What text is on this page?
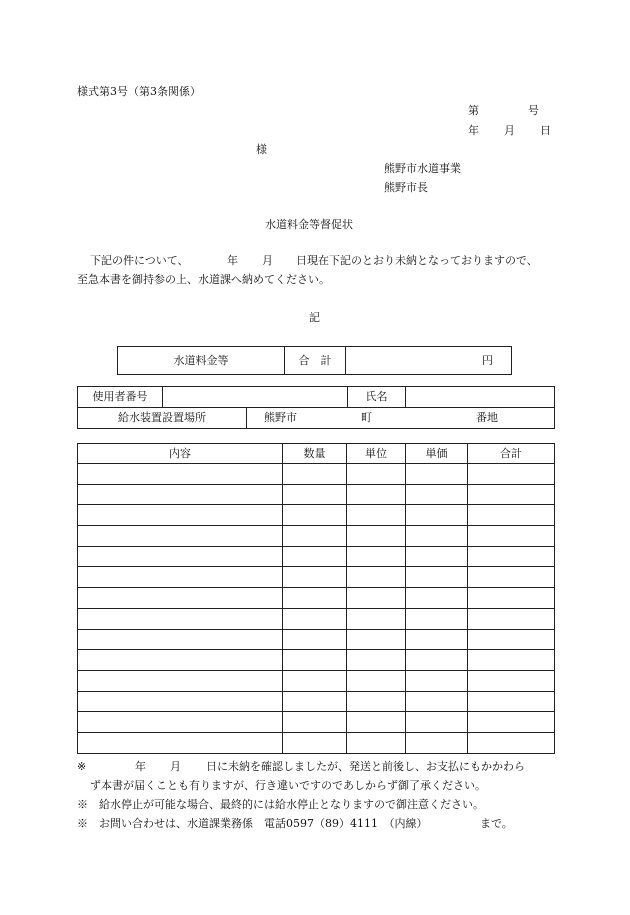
様式第3号（第3条関係）
第	号
年 月 日
様
熊野市水道事業
熊野市長
水道料金等督促状
下記の件について、	年 月 日現在下記のとおり未納となっておりますので、
至急本書を御持参の上、水道課へ納めてください。
記
水道料金等	合　計	円
使用者番号		氏名	

給水装置設置場所	熊野市	町	番地
内容	数量	単位	単価	合計

※	年 月 日に未納を確認しましたが、発送と前後し、お支払にもかかわら
ず本書が届くことも有りますが、行き違いですのであしからず御了承ください。
※　給水停止が可能な場合、最終的には給水停止となりますので御注意ください。
※　お問い合わせは、水道課業務係　電話0597（89）4111　（内線）	まで。
